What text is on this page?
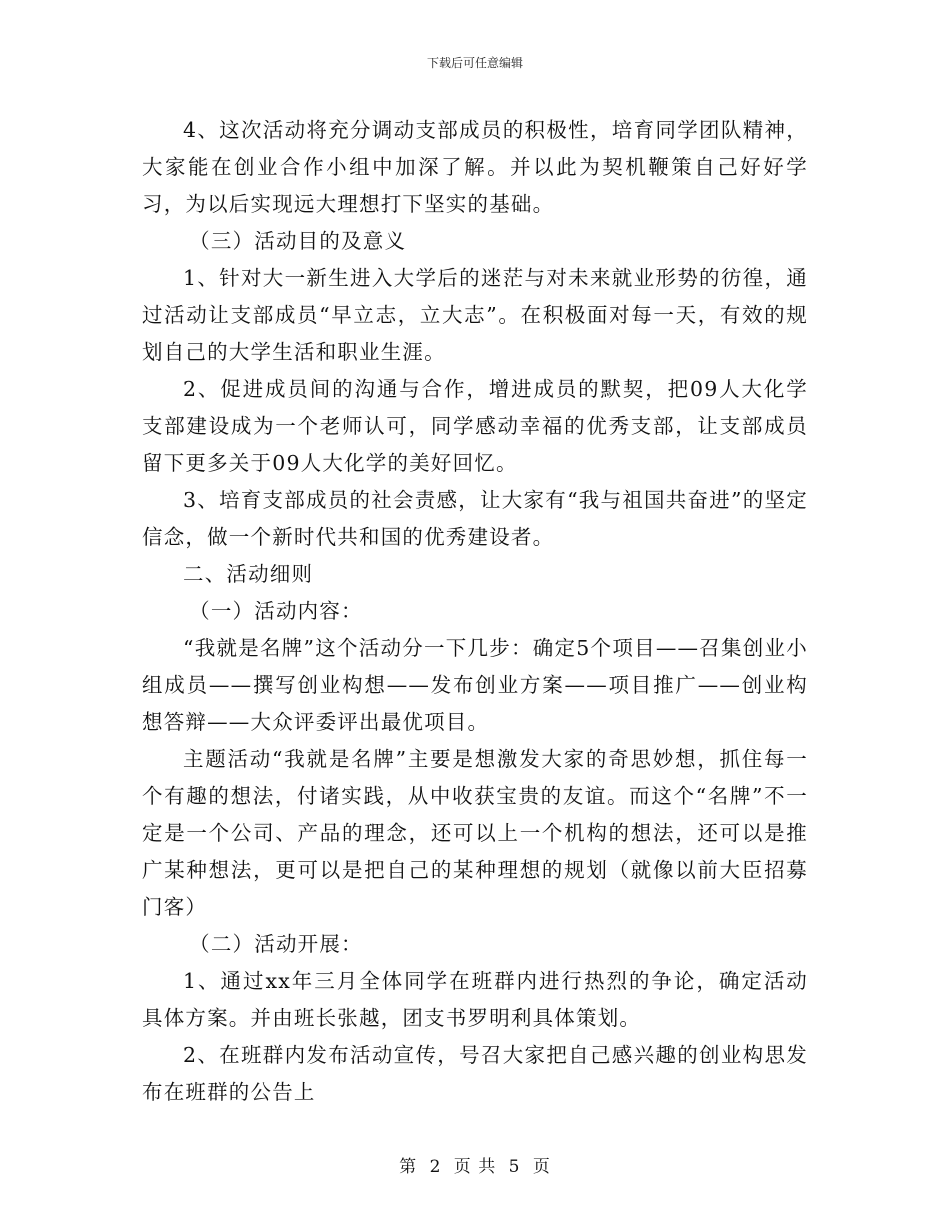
下载后可任意编辑

4、这次活动将充分调动支部成员的积极性，培育同学团队精神，大家能在创业合作小组中加深了解。并以此为契机鞭策自己好好学习，为以后实现远大理想打下坚实的基础。

（三）活动目的及意义

1、针对大一新生进入大学后的迷茫与对未来就业形势的彷徨，通过活动让支部成员“早立志，立大志”。在积极面对每一天，有效的规划自己的大学生活和职业生涯。

2、促进成员间的沟通与合作，增进成员的默契，把09人大化学支部建设成为一个老师认可，同学感动幸福的优秀支部，让支部成员留下更多关于09人大化学的美好回忆。

3、培育支部成员的社会责感，让大家有“我与祖国共奋进”的坚定信念，做一个新时代共和国的优秀建设者。

二、活动细则

（一）活动内容：

“我就是名牌”这个活动分一下几步：确定5个项目——召集创业小组成员——撰写创业构想——发布创业方案——项目推广——创业构想答辩——大众评委评出最优项目。

主题活动“我就是名牌”主要是想激发大家的奇思妙想，抓住每一个有趣的想法，付诸实践，从中收获宝贵的友谊。而这个“名牌”不一定是一个公司、产品的理念，还可以上一个机构的想法，还可以是推广某种想法，更可以是把自己的某种理想的规划（就像以前大臣招募门客）

（二）活动开展：

1、通过xx年三月全体同学在班群内进行热烈的争论，确定活动具体方案。并由班长张越，团支书罗明利具体策划。

2、在班群内发布活动宣传，号召大家把自己感兴趣的创业构思发布在班群的公告上

第 2 页 共 5 页
